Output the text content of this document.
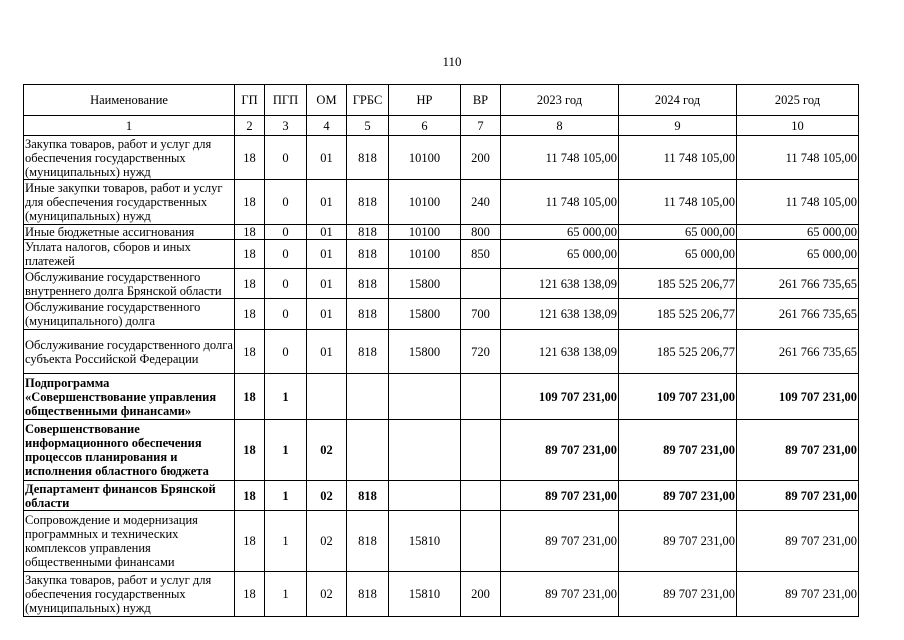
110
Наименование	ГП	ПГП	ОМ	ГРБС	НР	ВР	2023 год	2024 год	2025 год
1	2	3	4	5	6	7	8	9	10
Закупка товаров, работ и услуг для обеспечения государственных (муниципальных) нужд	18	0	01	818	10100	200	11 748 105,00	11 748 105,00	11 748 105,00
Иные закупки товаров, работ и услуг для обеспечения государственных (муниципальных) нужд	18	0	01	818	10100	240	11 748 105,00	11 748 105,00	11 748 105,00
Иные бюджетные ассигнования	18	0	01	818	10100	800	65 000,00	65 000,00	65 000,00
Уплата налогов, сборов и иных платежей	18	0	01	818	10100	850	65 000,00	65 000,00	65 000,00
Обслуживание государственного внутреннего долга Брянской области	18	0	01	818	15800		121 638 138,09	185 525 206,77	261 766 735,65
Обслуживание государственного (муниципального) долга	18	0	01	818	15800	700	121 638 138,09	185 525 206,77	261 766 735,65
Обслуживание государственного долга субъекта Российской Федерации	18	0	01	818	15800	720	121 638 138,09	185 525 206,77	261 766 735,65
Подпрограмма «Совершенствование управления общественными финансами»	18	1					109 707 231,00	109 707 231,00	109 707 231,00
Совершенствование информационного обеспечения процессов планирования и исполнения областного бюджета	18	1	02				89 707 231,00	89 707 231,00	89 707 231,00
Департамент финансов Брянской области	18	1	02	818			89 707 231,00	89 707 231,00	89 707 231,00
Сопровождение и модернизация программных и технических комплексов управления общественными финансами	18	1	02	818	15810		89 707 231,00	89 707 231,00	89 707 231,00
Закупка товаров, работ и услуг для обеспечения государственных (муниципальных) нужд	18	1	02	818	15810	200	89 707 231,00	89 707 231,00	89 707 231,00
